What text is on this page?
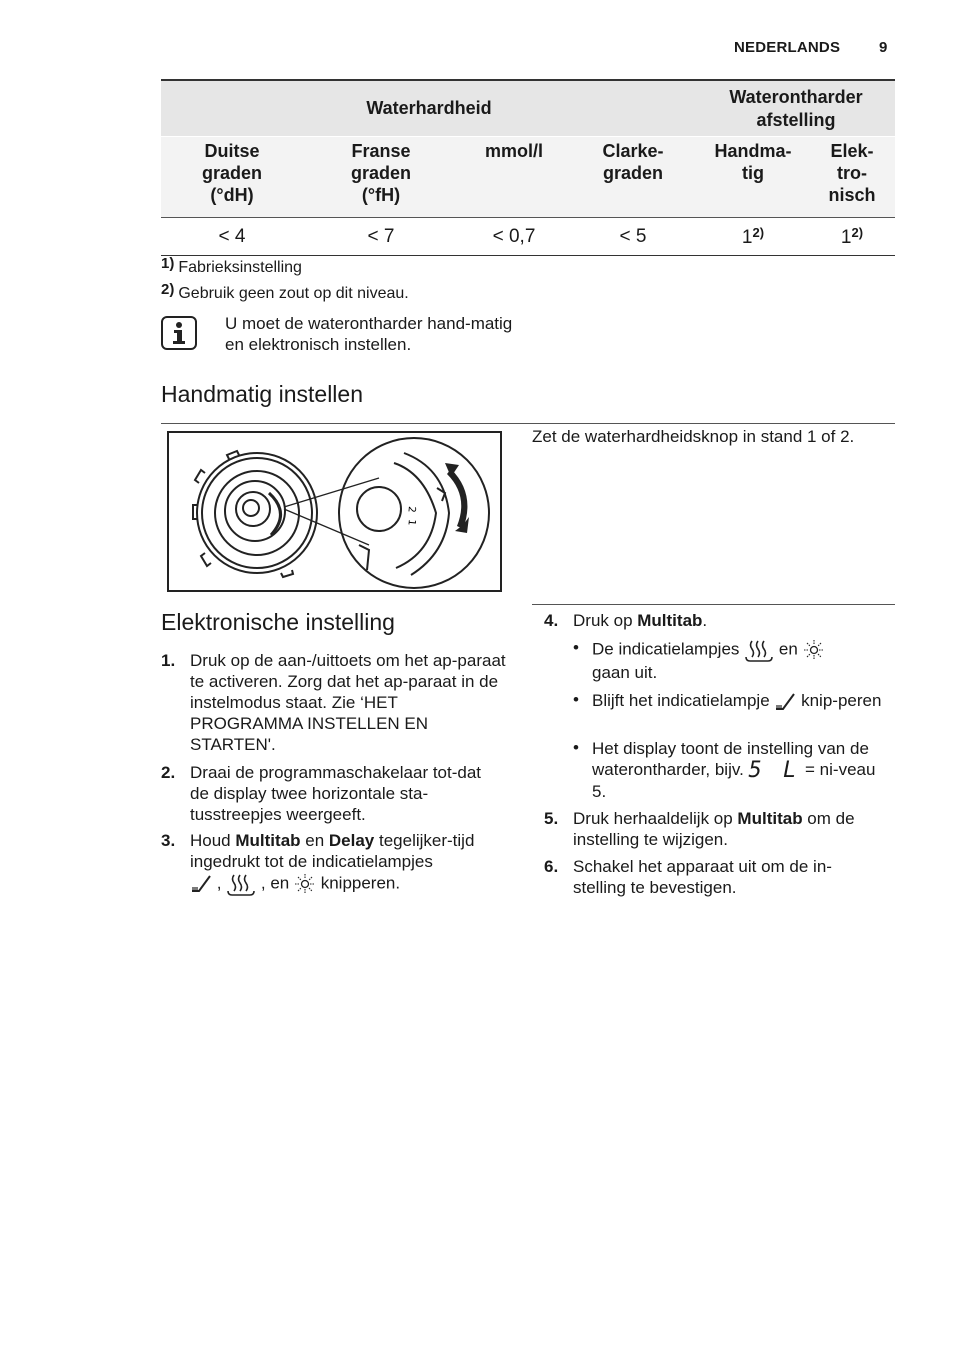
NEDERLANDS	9
Waterhardheid				Waterontharder afstelling	

Duitse graden (°dH)	Franse graden (°fH)	mmol/l	Clarke-graden	Handma-tig	Elek-tro-nisch

< 4	< 7	< 0,7	< 5	1$^{2)}$	1$^{2)}$
1) Fabrieksinstelling
2) Gebruik geen zout op dit niveau.
U moet de waterontharder hand-matig en elektronisch instellen.
Handmatig instellen
2
1
Zet de waterhardheidsknop in stand 1 of 2.
Elektronische instelling
1. Druk op de aan-/uittoets om het ap-paraat te activeren. Zorg dat het ap-paraat in de instelmodus staat. Zie ‘HET PROGRAMMA INSTELLEN EN STARTEN'.
2. Draai de programmaschakelaar tot-dat de display twee horizontale sta-tusstreepjes weergeeft.
3. Houd Multitab en Delay tegelijker-tijd ingedrukt tot de indicatielampjes
,  , en  knipperen.
4. Druk op Multitab.
• De indicatielampjes  en
gaan uit.
• Blijft het indicatielampje  knip-peren
• Het display toont de instelling van de waterontharder, bijv. 5 L = ni-veau 5.
5. Druk herhaaldelijk op Multitab om de instelling te wijzigen.
6. Schakel het apparaat uit om de in-stelling te bevestigen.
